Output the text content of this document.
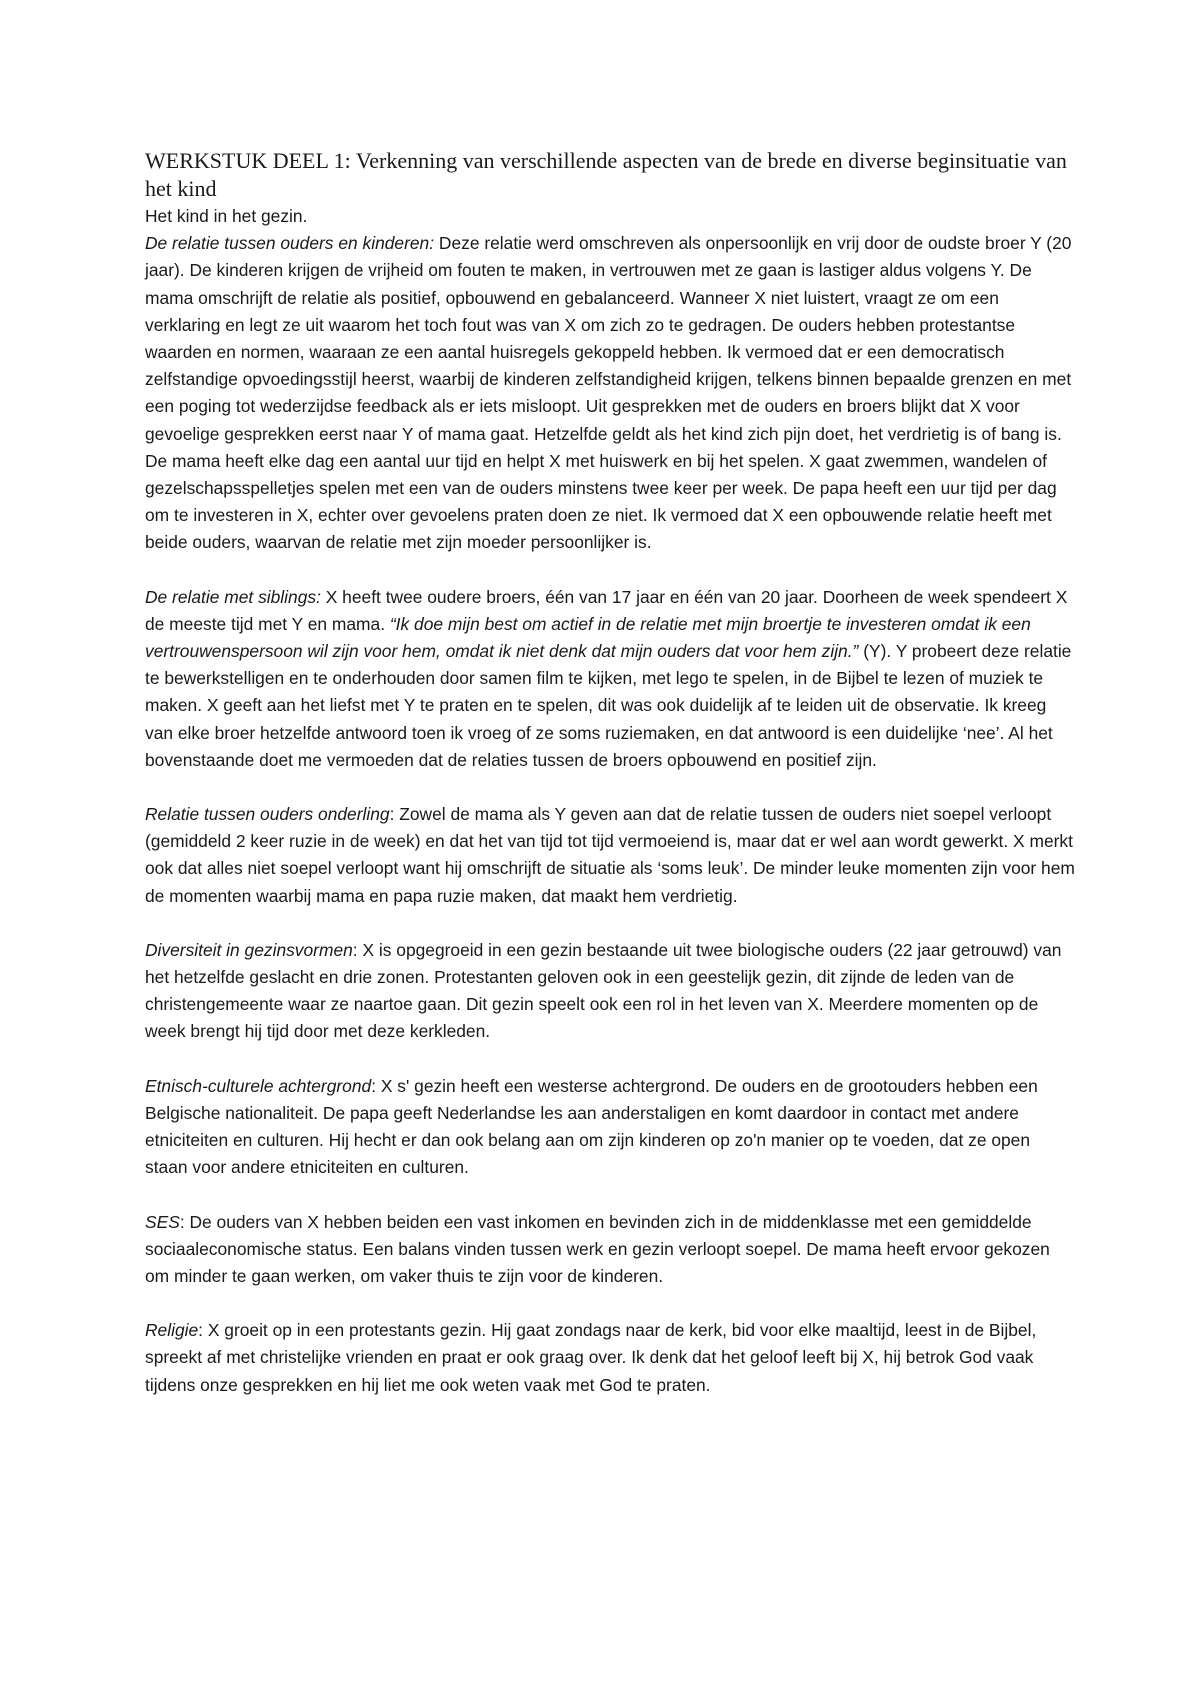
WERKSTUK DEEL 1: Verkenning van verschillende aspecten van de brede en diverse beginsituatie van het kind

Het kind in het gezin.

De relatie tussen ouders en kinderen: Deze relatie werd omschreven als onpersoonlijk en vrij door de oudste broer Y (20 jaar). De kinderen krijgen de vrijheid om fouten te maken, in vertrouwen met ze gaan is lastiger aldus volgens Y. De mama omschrijft de relatie als positief, opbouwend en gebalanceerd. Wanneer X niet luistert, vraagt ze om een verklaring en legt ze uit waarom het toch fout was van X om zich zo te gedragen. De ouders hebben protestantse waarden en normen, waaraan ze een aantal huisregels gekoppeld hebben. Ik vermoed dat er een democratisch zelfstandige opvoedingsstijl heerst, waarbij de kinderen zelfstandigheid krijgen, telkens binnen bepaalde grenzen en met een poging tot wederzijdse feedback als er iets misloopt. Uit gesprekken met de ouders en broers blijkt dat X voor gevoelige gesprekken eerst naar Y of mama gaat. Hetzelfde geldt als het kind zich pijn doet, het verdrietig is of bang is. De mama heeft elke dag een aantal uur tijd en helpt X met huiswerk en bij het spelen. X gaat zwemmen, wandelen of gezelschapsspelletjes spelen met een van de ouders minstens twee keer per week. De papa heeft een uur tijd per dag om te investeren in X, echter over gevoelens praten doen ze niet. Ik vermoed dat X een opbouwende relatie heeft met beide ouders, waarvan de relatie met zijn moeder persoonlijker is.

De relatie met siblings: X heeft twee oudere broers, één van 17 jaar en één van 20 jaar. Doorheen de week spendeert X de meeste tijd met Y en mama. “Ik doe mijn best om actief in de relatie met mijn broertje te investeren omdat ik een vertrouwenspersoon wil zijn voor hem, omdat ik niet denk dat mijn ouders dat voor hem zijn.” (Y). Y probeert deze relatie te bewerkstelligen en te onderhouden door samen film te kijken, met lego te spelen, in de Bijbel te lezen of muziek te maken. X geeft aan het liefst met Y te praten en te spelen, dit was ook duidelijk af te leiden uit de observatie. Ik kreeg van elke broer hetzelfde antwoord toen ik vroeg of ze soms ruziemaken, en dat antwoord is een duidelijke ‘nee’. Al het bovenstaande doet me vermoeden dat de relaties tussen de broers opbouwend en positief zijn.

Relatie tussen ouders onderling: Zowel de mama als Y geven aan dat de relatie tussen de ouders niet soepel verloopt (gemiddeld 2 keer ruzie in de week) en dat het van tijd tot tijd vermoeiend is, maar dat er wel aan wordt gewerkt. X merkt ook dat alles niet soepel verloopt want hij omschrijft de situatie als ‘soms leuk’. De minder leuke momenten zijn voor hem de momenten waarbij mama en papa ruzie maken, dat maakt hem verdrietig.

Diversiteit in gezinsvormen: X is opgegroeid in een gezin bestaande uit twee biologische ouders (22 jaar getrouwd) van het hetzelfde geslacht en drie zonen. Protestanten geloven ook in een geestelijk gezin, dit zijnde de leden van de christengemeente waar ze naartoe gaan. Dit gezin speelt ook een rol in het leven van X. Meerdere momenten op de week brengt hij tijd door met deze kerkleden.

Etnisch-culturele achtergrond: X s' gezin heeft een westerse achtergrond. De ouders en de grootouders hebben een Belgische nationaliteit. De papa geeft Nederlandse les aan anderstaligen en komt daardoor in contact met andere etniciteiten en culturen. Hij hecht er dan ook belang aan om zijn kinderen op zo'n manier op te voeden, dat ze open staan voor andere etniciteiten en culturen.

SES: De ouders van X hebben beiden een vast inkomen en bevinden zich in de middenklasse met een gemiddelde sociaaleconomische status. Een balans vinden tussen werk en gezin verloopt soepel. De mama heeft ervoor gekozen om minder te gaan werken, om vaker thuis te zijn voor de kinderen.

Religie: X groeit op in een protestants gezin. Hij gaat zondags naar de kerk, bid voor elke maaltijd, leest in de Bijbel, spreekt af met christelijke vrienden en praat er ook graag over. Ik denk dat het geloof leeft bij X, hij betrok God vaak tijdens onze gesprekken en hij liet me ook weten vaak met God te praten.
